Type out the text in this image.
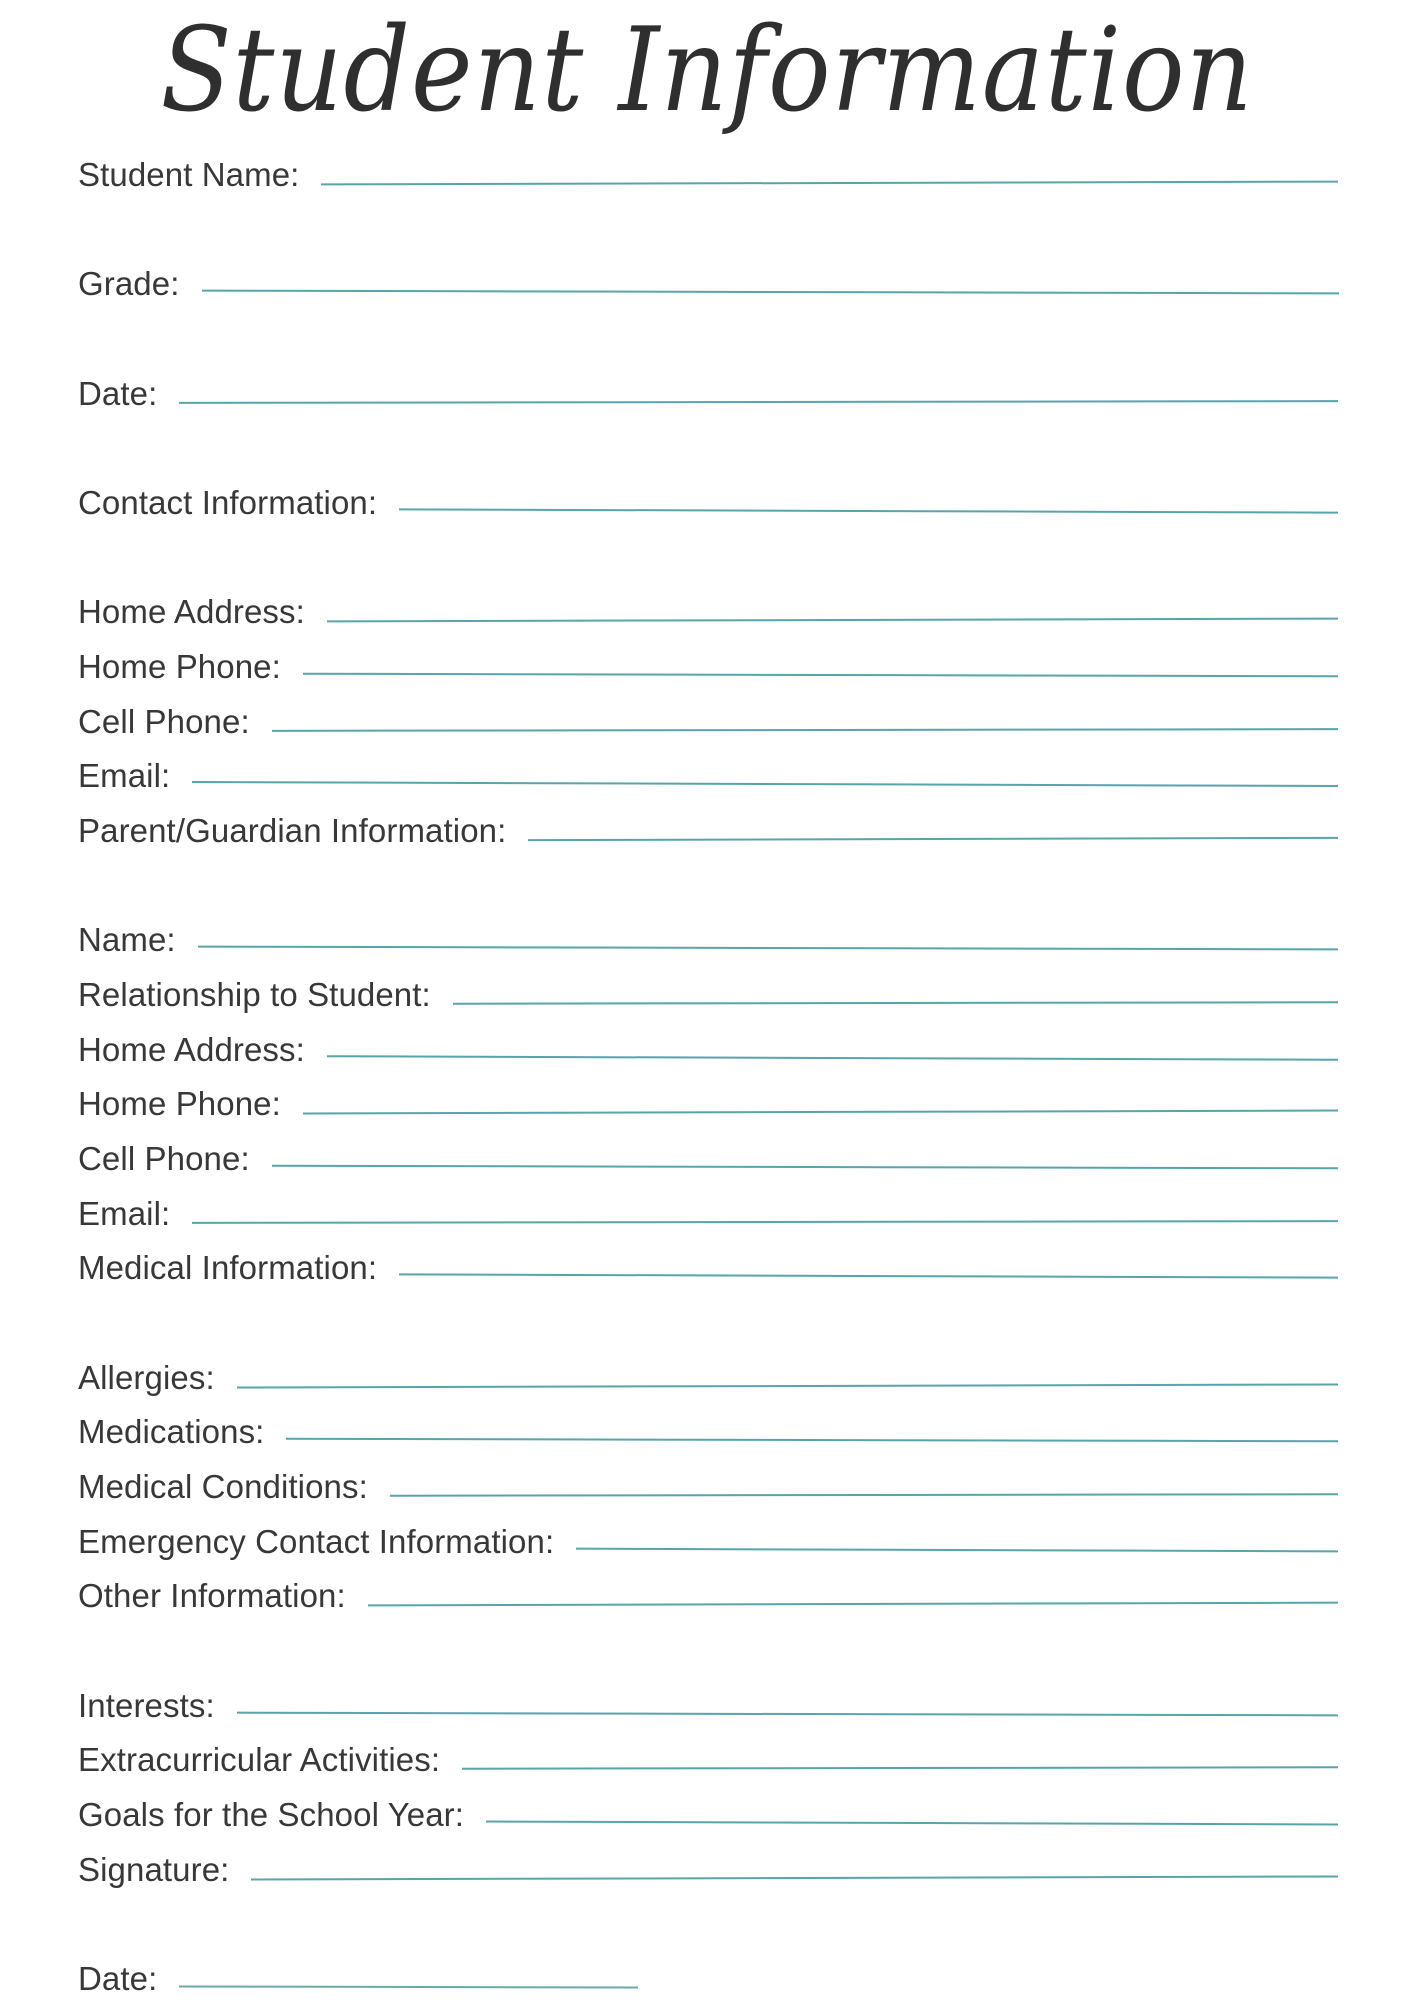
Student Information
Student Name:
Grade:
Date:
Contact Information:
Home Address:
Home Phone:
Cell Phone:
Email:
Parent/Guardian Information:
Name:
Relationship to Student:
Home Address:
Home Phone:
Cell Phone:
Email:
Medical Information:
Allergies:
Medications:
Medical Conditions:
Emergency Contact Information:
Other Information:
Interests:
Extracurricular Activities:
Goals for the School Year:
Signature:
Date:
